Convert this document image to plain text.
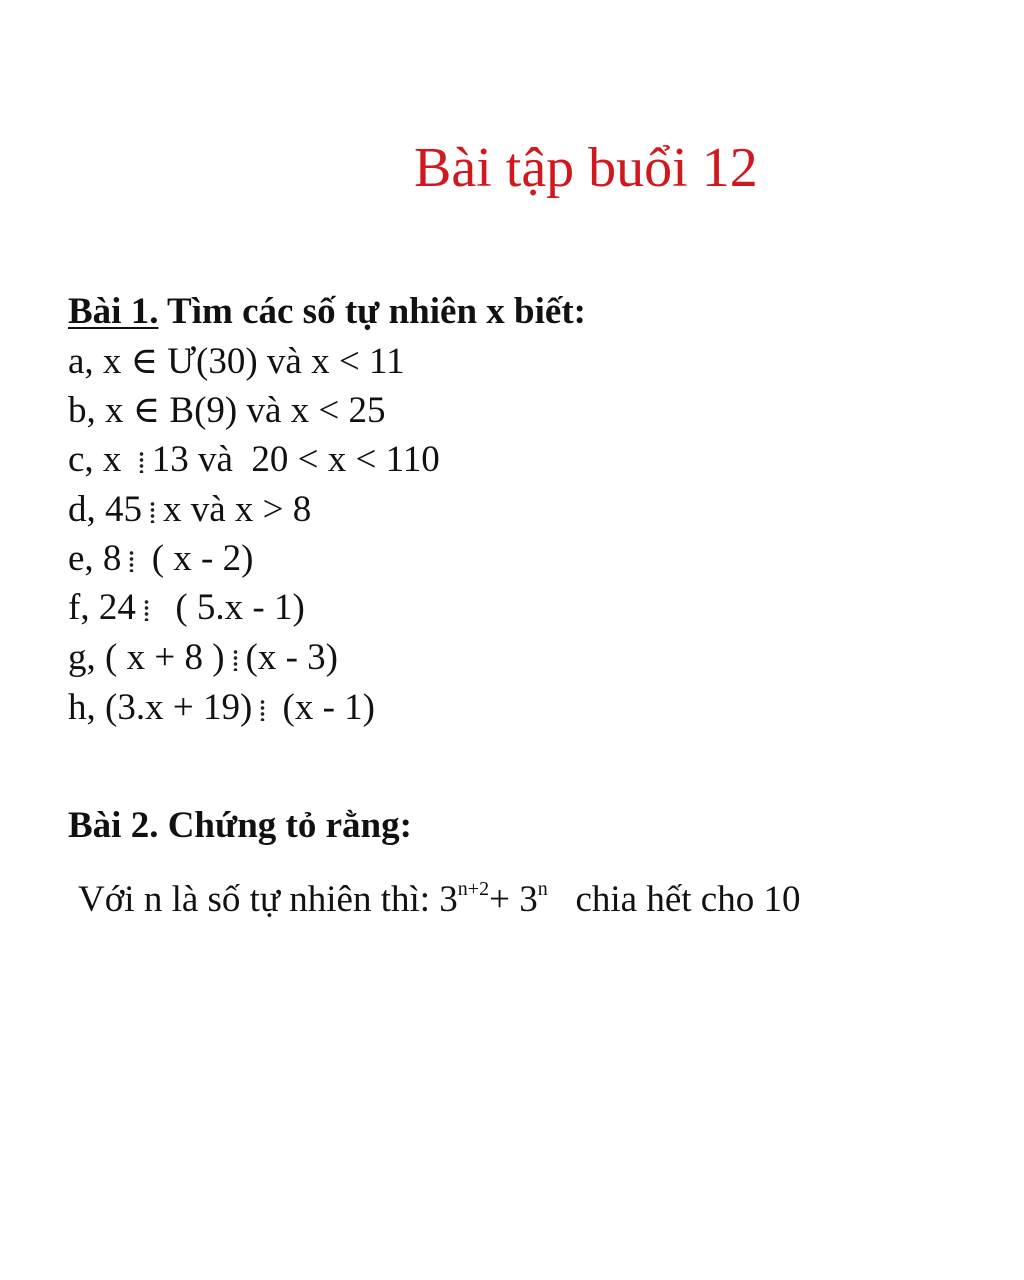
Bài tập buổi 12
Bài 1. Tìm các số tự nhiên x biết:
a, x ∈ Ư(30) và x < 11
b, x ∈ B(9) và x < 25
c, x 13 và  20 < x < 110
d, 45 x và x > 8
e, 8 ( x - 2)
f, 24  ( 5.x - 1)
g, ( x + 8 ) (x - 3)
h, (3.x + 19) (x - 1)
Bài 2. Chứng tỏ rằng:
Với n là số tự nhiên thì: $3^{n+2}+ 3^n$   chia hết cho 10
